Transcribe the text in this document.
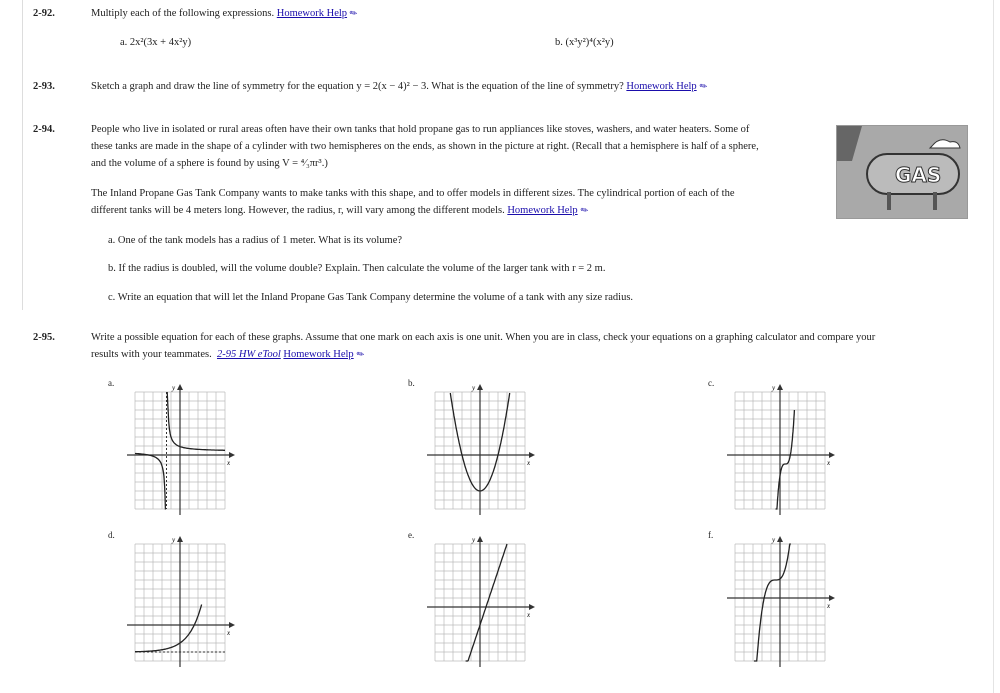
2-92.	Multiply each of the following expressions. Homework Help✎
a. 2x²(3x + 4x²y)	b. (x³y²)⁴(x²y)
2-93.	Sketch a graph and draw the line of symmetry for the equation y = 2(x − 4)² − 3. What is the equation of the line of symmetry? Homework Help✎
2-94.	People who live in isolated or rural areas often have their own tanks that hold propane gas to run appliances like stoves, washers, and water heaters. Some of
these tanks are made in the shape of a cylinder with two hemispheres on the ends, as shown in the picture at right. (Recall that a hemisphere is half of a sphere,
and the volume of a sphere is found by using V = ⁴⁄₃πr³.)
The Inland Propane Gas Tank Company wants to make tanks with this shape, and to offer models in different sizes. The cylindrical portion of each of the
different tanks will be 4 meters long. However, the radius, r, will vary among the different models. Homework Help✎
a. One of the tank models has a radius of 1 meter. What is its volume?
b. If the radius is doubled, will the volume double? Explain. Then calculate the volume of the larger tank with r = 2 m.
c. Write an equation that will let the Inland Propane Gas Tank Company determine the volume of a tank with any size radius.
GAS
2-95.	Write a possible equation for each of these graphs. Assume that one mark on each axis is one unit. When you are in class, check your equations on a graphing calculator and compare your
results with your teammates. 2-95 HW eTool Homework Help✎
a.	y
x
b.	y
x
c.	y
x
d.	y
x
e.	y
x
f.	y
x
